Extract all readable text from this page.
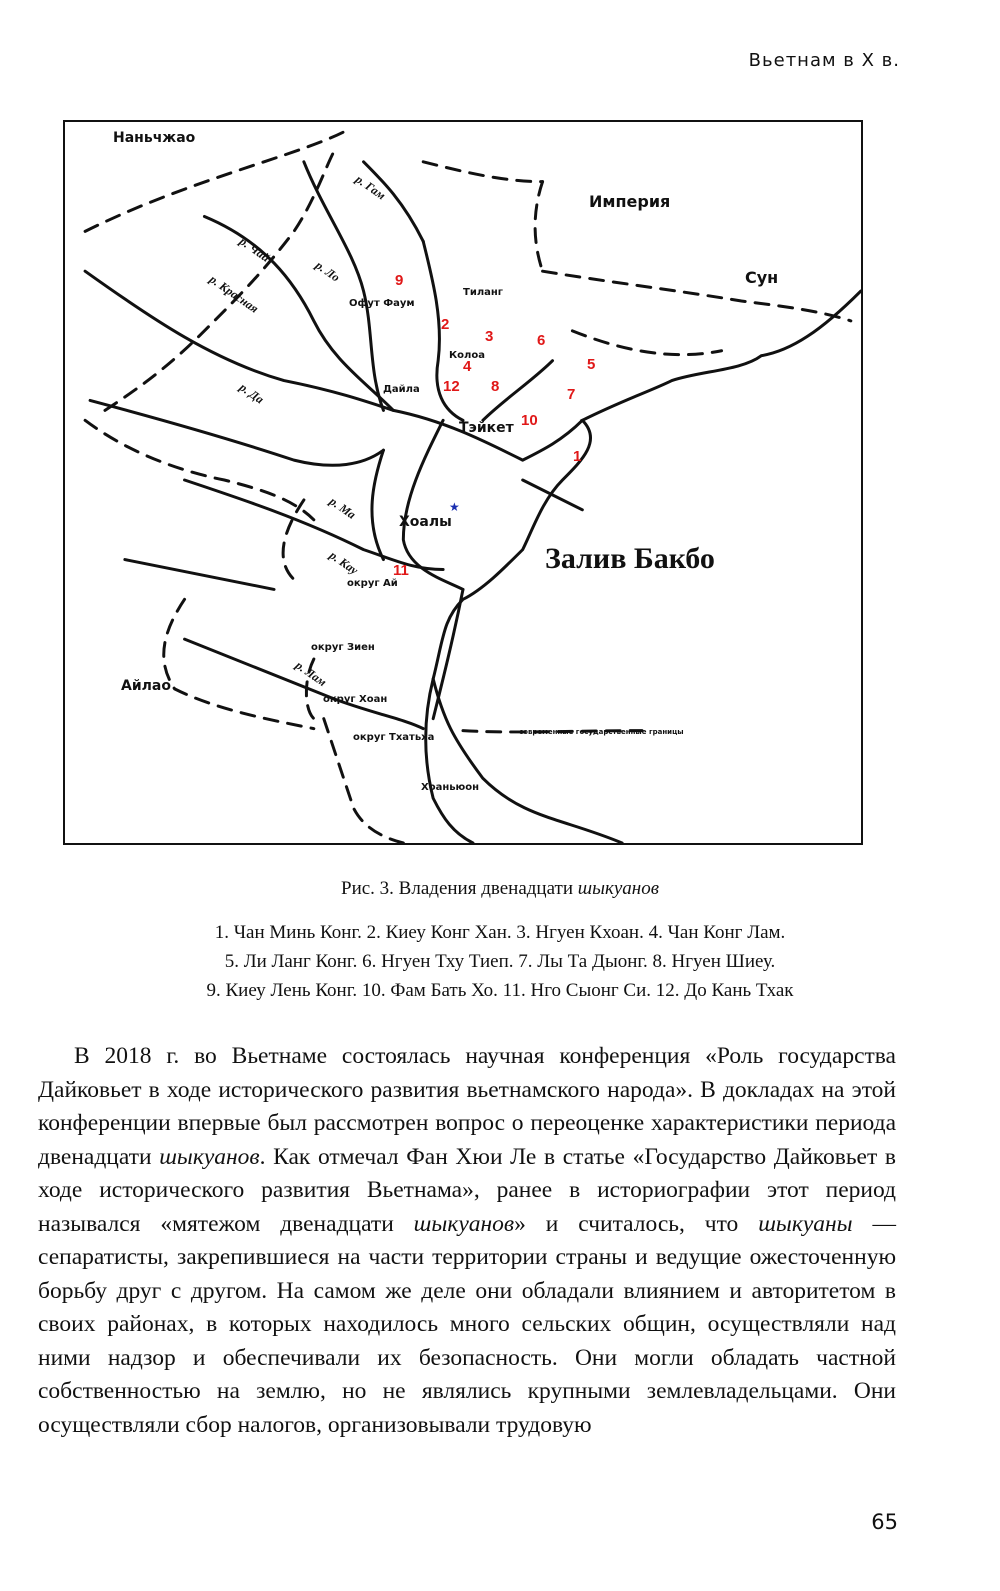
Вьетнам в X в.
Наньчжао
Империя
Сун
Тиланг
Офут Фаум
Колоа
Дайла
Тэйкет
Хоалы
округ Ай
округ Зиен
округ Хоан
округ Тхатьха
Айлао
Хоаньюон
Залив Бакбо
современные государственные границы
р. Красная
р. Чай
р. Ло
р. Да
р. Ма
р. Кау
р. Лам
р. Гам
1
2
3
4	5
6
7
8
9
10
11
12
★
Рис. 3. Владения двенадцати шыкуанов
1. Чан Минь Конг. 2. Киеу Конг Хан. 3. Нгуен Кхоан. 4. Чан Конг Лам.
5. Ли Ланг Конг. 6. Нгуен Тху Тиеп. 7. Лы Та Дыонг. 8. Нгуен Шиеу.
9. Киеу Лень Конг. 10. Фам Бать Хо. 11. Нго Сыонг Си. 12. До Кань Тхак

В 2018 г. во Вьетнаме состоялась научная конференция «Роль государства Дайковьет в ходе исторического развития вьетнамского народа». В докладах на этой конференции впервые был рассмотрен вопрос о переоценке характеристики периода двенадцати шыкуанов. Как отмечал Фан Хюи Ле в статье «Государство Дайковьет в ходе исторического развития Вьетнама», ранее в историографии этот период назывался «мятежом двенадцати шыкуанов» и считалось, что шыкуаны — сепаратисты, закрепившиеся на части территории страны и ведущие ожесточенную борьбу друг с другом. На самом же деле они обладали влиянием и авторитетом в своих районах, в которых находилось много сельских общин, осуществляли над ними надзор и обеспечивали их безопасность. Они могли обладать частной собственностью на землю, но не являлись крупными землевладельцами. Они осуществляли сбор налогов, организовывали трудовую

65
